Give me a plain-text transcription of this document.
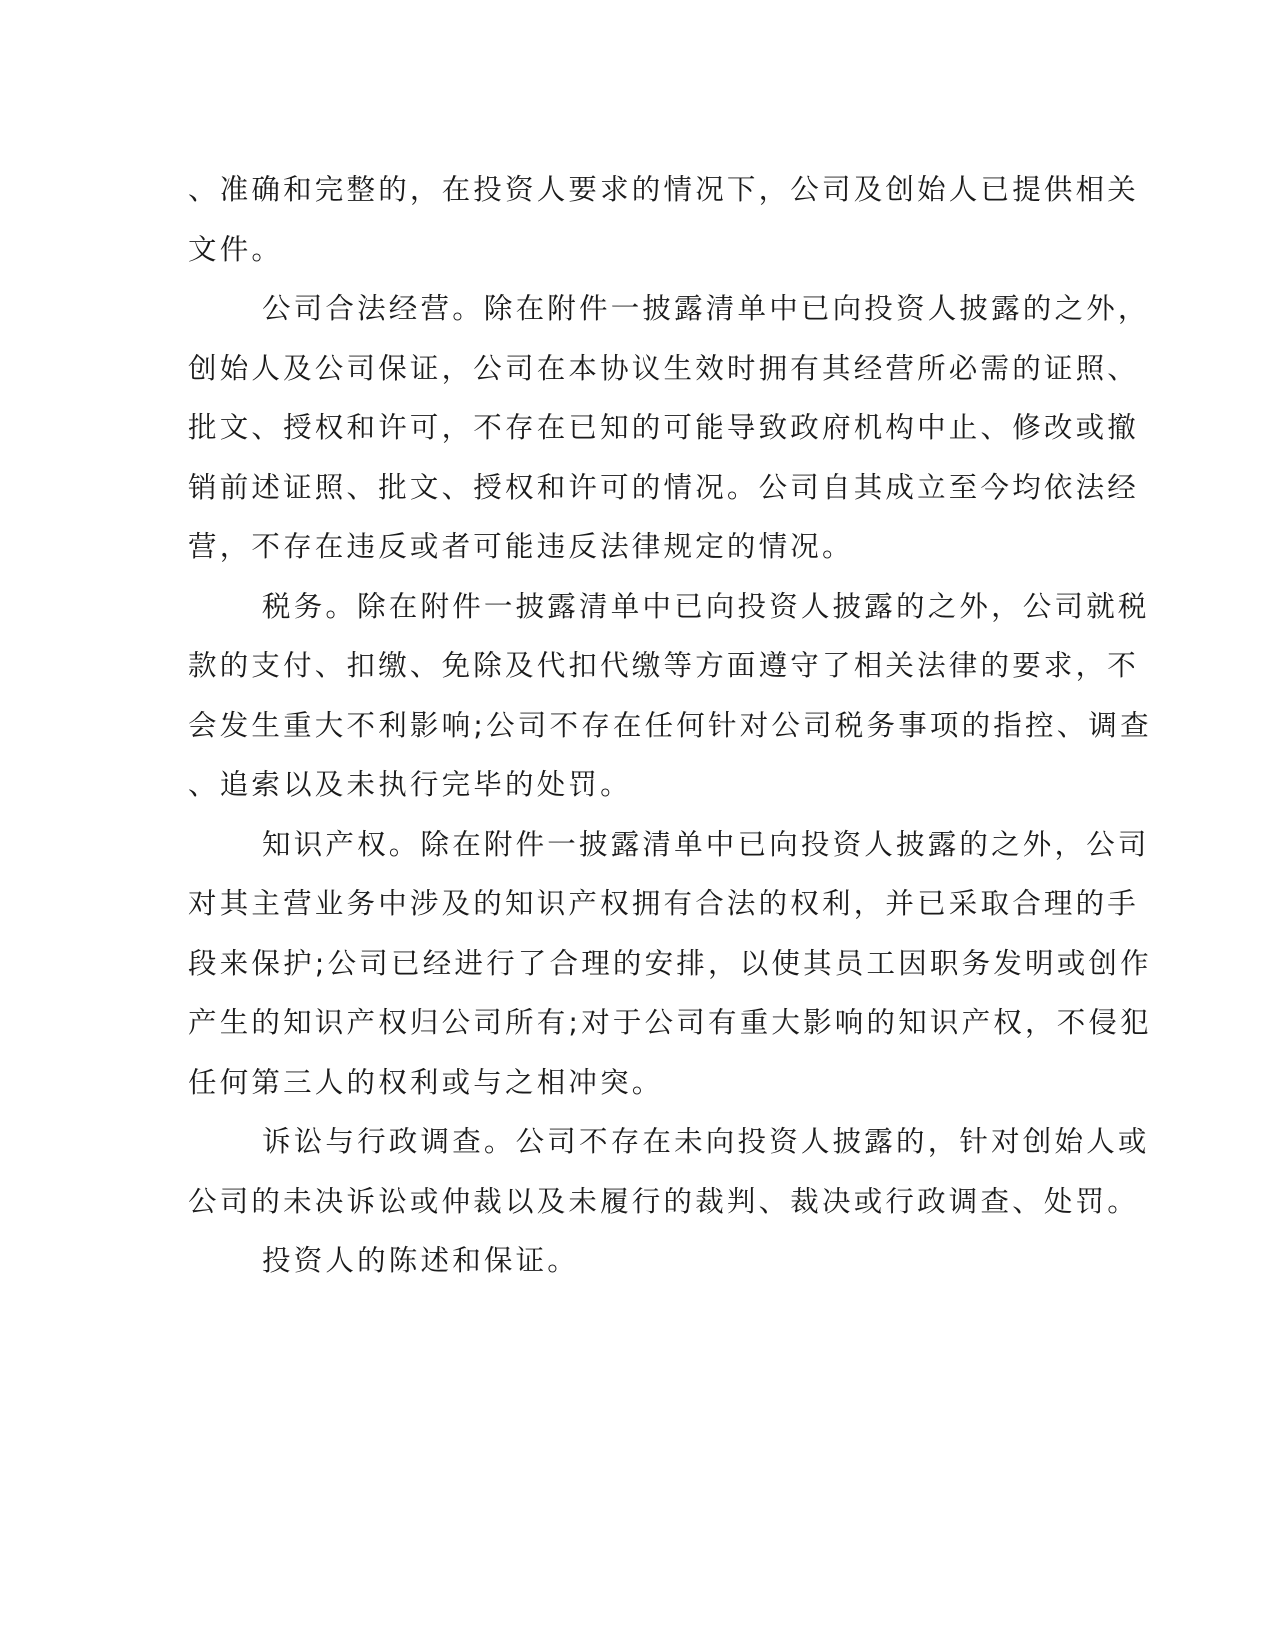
、准确和完整的，在投资人要求的情况下，公司及创始人已提供相关
文件。
公司合法经营。除在附件一披露清单中已向投资人披露的之外，
创始人及公司保证，公司在本协议生效时拥有其经营所必需的证照、
批文、授权和许可，不存在已知的可能导致政府机构中止、修改或撤
销前述证照、批文、授权和许可的情况。公司自其成立至今均依法经
营，不存在违反或者可能违反法律规定的情况。
税务。除在附件一披露清单中已向投资人披露的之外，公司就税
款的支付、扣缴、免除及代扣代缴等方面遵守了相关法律的要求，不
会发生重大不利影响;公司不存在任何针对公司税务事项的指控、调查
、追索以及未执行完毕的处罚。
知识产权。除在附件一披露清单中已向投资人披露的之外，公司
对其主营业务中涉及的知识产权拥有合法的权利，并已采取合理的手
段来保护;公司已经进行了合理的安排，以使其员工因职务发明或创作
产生的知识产权归公司所有;对于公司有重大影响的知识产权，不侵犯
任何第三人的权利或与之相冲突。
诉讼与行政调查。公司不存在未向投资人披露的，针对创始人或
公司的未决诉讼或仲裁以及未履行的裁判、裁决或行政调查、处罚。
投资人的陈述和保证。
